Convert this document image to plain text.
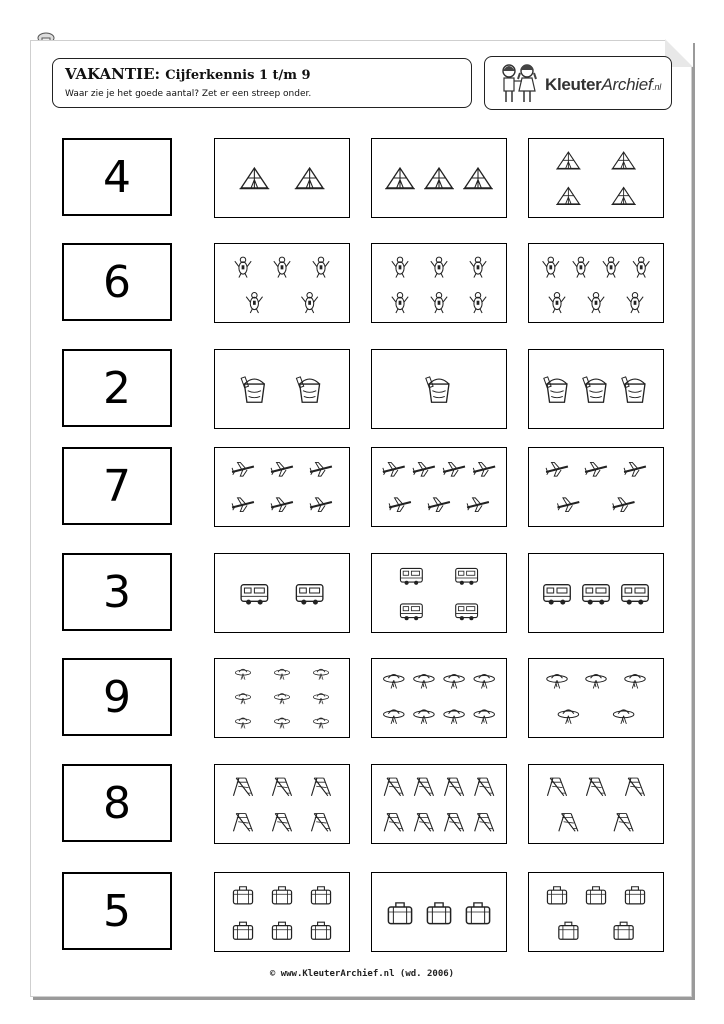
VAKANTIE: Cijferkennis 1 t/m 9
Waar zie je het goede aantal? Zet er een streep onder.	KleuterArchief.nl
4
6
2
7
3
9
8
5
© www.KleuterArchief.nl (wd. 2006)
